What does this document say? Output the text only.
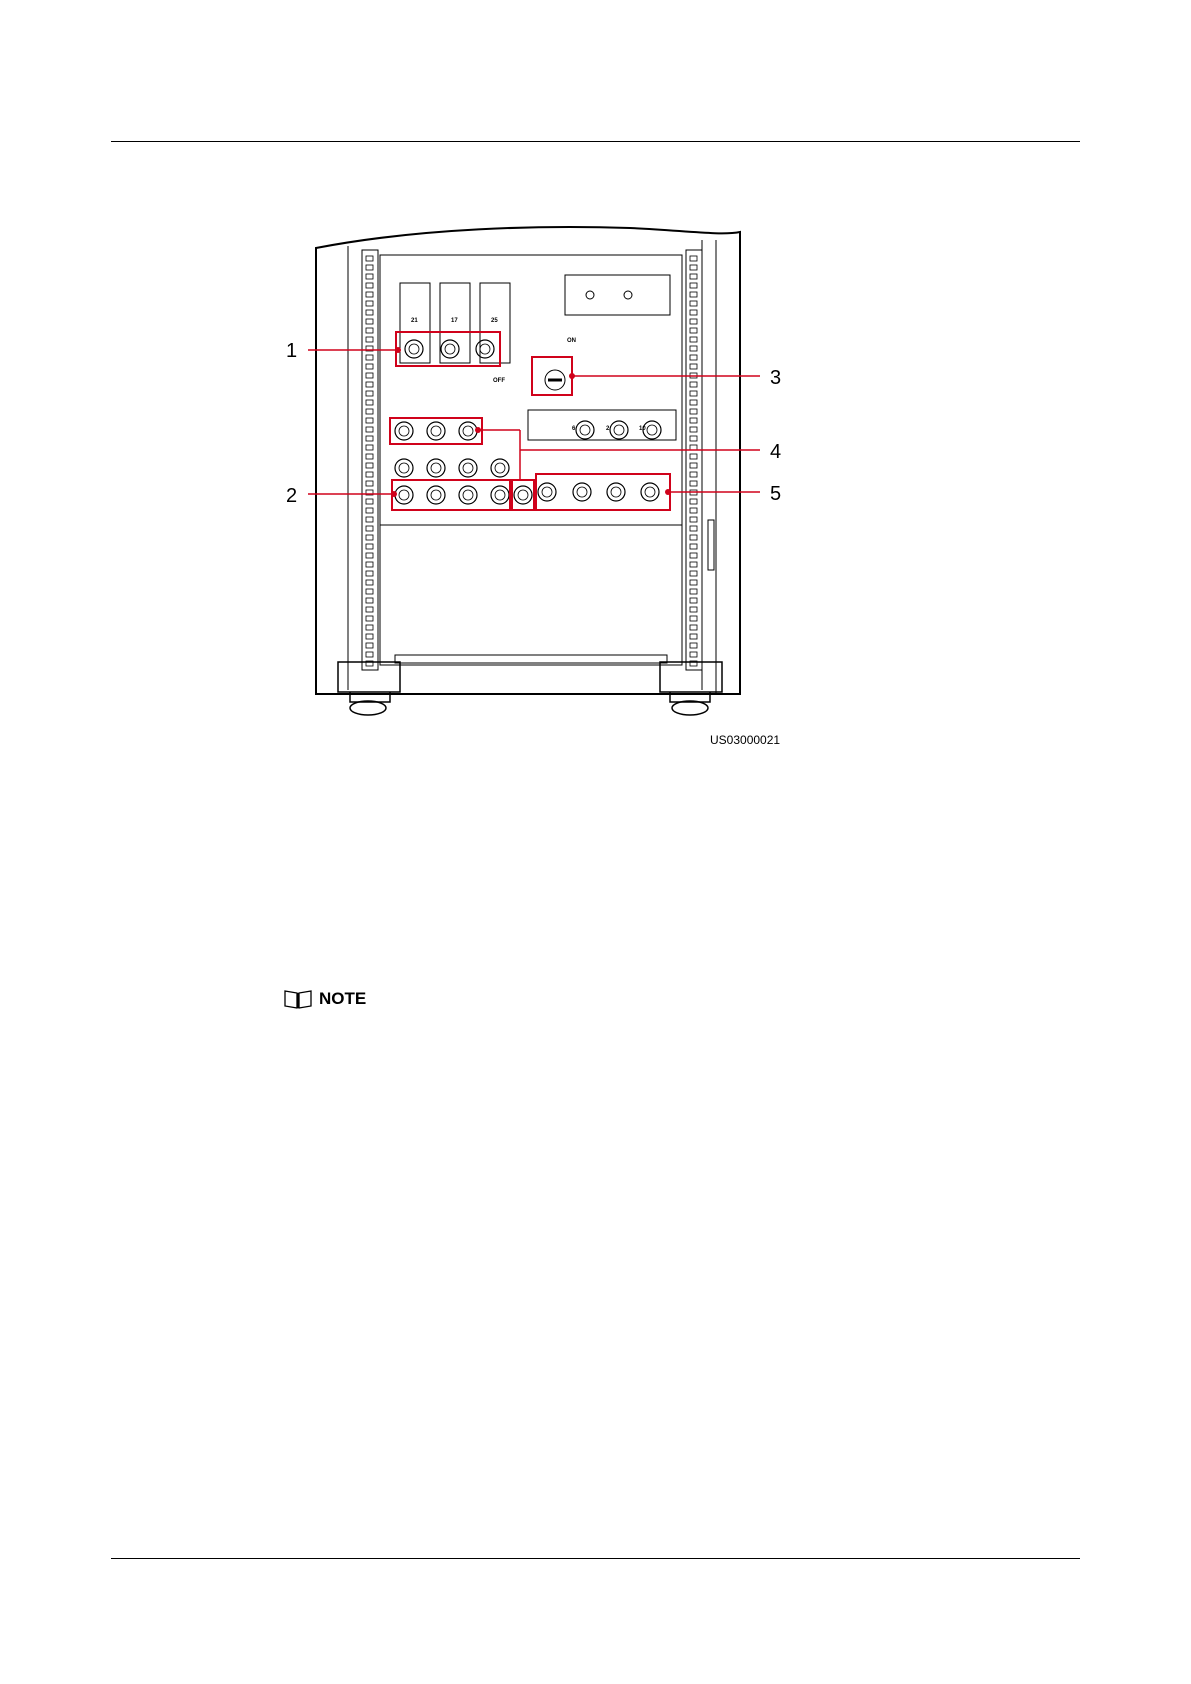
21	17	25
ON
OFF
6	2	10
1
2
3
4
5
US03000021
NOTE
